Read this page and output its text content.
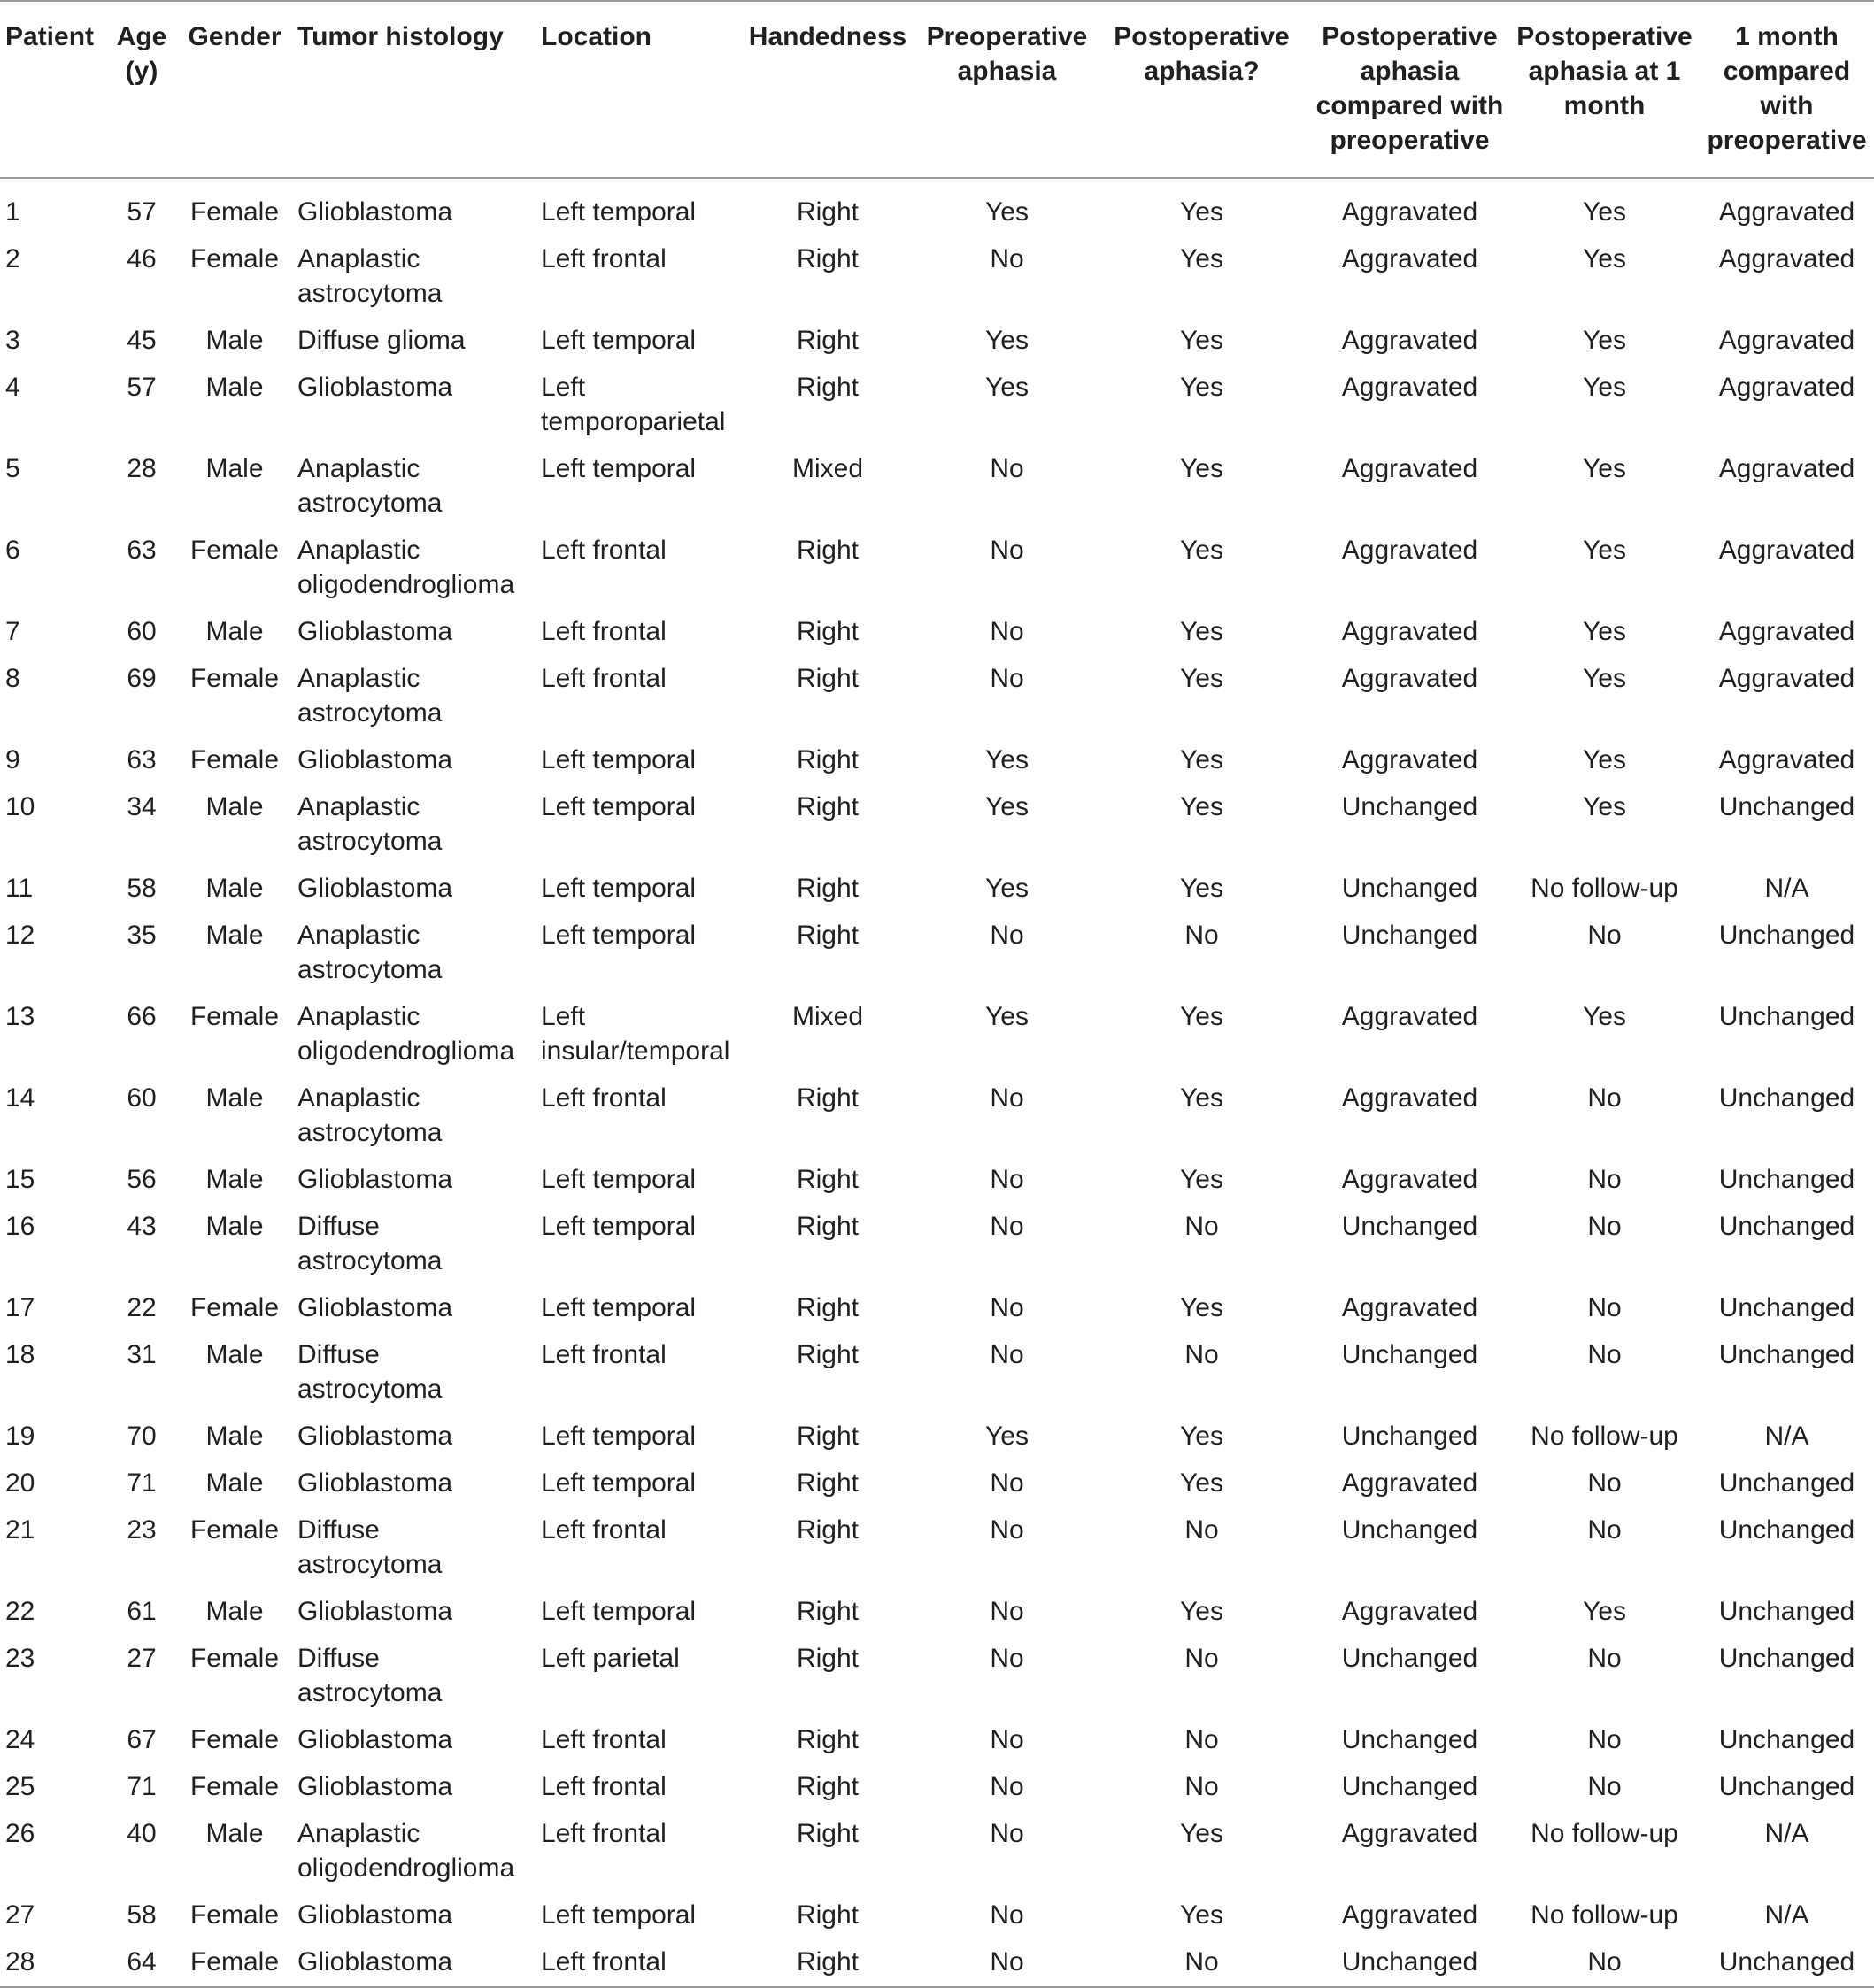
Patient	Age (y)	Gender	Tumor histology	Location	Handedness	Preoperative aphasia	Postoperative aphasia?	Postoperative aphasia compared with preoperative	Postoperative aphasia at 1 month	1 month compared with preoperative
1	57	Female	Glioblastoma	Left temporal	Right	Yes	Yes	Aggravated	Yes	Aggravated
2	46	Female	Anaplastic astrocytoma	Left frontal	Right	No	Yes	Aggravated	Yes	Aggravated
3	45	Male	Diffuse glioma	Left temporal	Right	Yes	Yes	Aggravated	Yes	Aggravated
4	57	Male	Glioblastoma	Left temporoparietal	Right	Yes	Yes	Aggravated	Yes	Aggravated
5	28	Male	Anaplastic astrocytoma	Left temporal	Mixed	No	Yes	Aggravated	Yes	Aggravated
6	63	Female	Anaplastic oligodendroglioma	Left frontal	Right	No	Yes	Aggravated	Yes	Aggravated
7	60	Male	Glioblastoma	Left frontal	Right	No	Yes	Aggravated	Yes	Aggravated
8	69	Female	Anaplastic astrocytoma	Left frontal	Right	No	Yes	Aggravated	Yes	Aggravated
9	63	Female	Glioblastoma	Left temporal	Right	Yes	Yes	Aggravated	Yes	Aggravated
10	34	Male	Anaplastic astrocytoma	Left temporal	Right	Yes	Yes	Unchanged	Yes	Unchanged
11	58	Male	Glioblastoma	Left temporal	Right	Yes	Yes	Unchanged	No follow-up	N/A
12	35	Male	Anaplastic astrocytoma	Left temporal	Right	No	No	Unchanged	No	Unchanged
13	66	Female	Anaplastic oligodendroglioma	Left insular/temporal	Mixed	Yes	Yes	Aggravated	Yes	Unchanged
14	60	Male	Anaplastic astrocytoma	Left frontal	Right	No	Yes	Aggravated	No	Unchanged
15	56	Male	Glioblastoma	Left temporal	Right	No	Yes	Aggravated	No	Unchanged
16	43	Male	Diffuse astrocytoma	Left temporal	Right	No	No	Unchanged	No	Unchanged
17	22	Female	Glioblastoma	Left temporal	Right	No	Yes	Aggravated	No	Unchanged
18	31	Male	Diffuse astrocytoma	Left frontal	Right	No	No	Unchanged	No	Unchanged
19	70	Male	Glioblastoma	Left temporal	Right	Yes	Yes	Unchanged	No follow-up	N/A
20	71	Male	Glioblastoma	Left temporal	Right	No	Yes	Aggravated	No	Unchanged
21	23	Female	Diffuse astrocytoma	Left frontal	Right	No	No	Unchanged	No	Unchanged
22	61	Male	Glioblastoma	Left temporal	Right	No	Yes	Aggravated	Yes	Unchanged
23	27	Female	Diffuse astrocytoma	Left parietal	Right	No	No	Unchanged	No	Unchanged
24	67	Female	Glioblastoma	Left frontal	Right	No	No	Unchanged	No	Unchanged
25	71	Female	Glioblastoma	Left frontal	Right	No	No	Unchanged	No	Unchanged
26	40	Male	Anaplastic oligodendroglioma	Left frontal	Right	No	Yes	Aggravated	No follow-up	N/A
27	58	Female	Glioblastoma	Left temporal	Right	No	Yes	Aggravated	No follow-up	N/A
28	64	Female	Glioblastoma	Left frontal	Right	No	No	Unchanged	No	Unchanged
